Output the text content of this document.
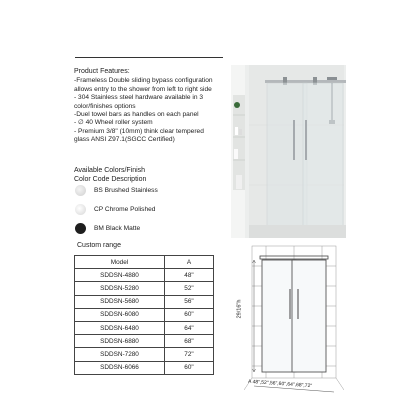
Product Features:
-Frameless Double sliding bypass configuration
allows entry to the shower from left to right side
- 304 Stainless steel hardware available in 3
color/finishes options
-Duel towel bars as handles on each panel
- ∅ 40 Wheel roller system
- Premium 3/8" (10mm) think clear tempered
glass ANSI Z97.1(SGCC Certified)
Available Colors/Finish
Color Code Description
BS Brushed Stainless
CP Chrome Polished
BM Black Matte
Custom range
Model	A
SDDSN-4880	48"
SDDSN-5280	52"
SDDSN-5680	56"
SDDSN-6080	60"
SDDSN-6480	64"
SDDSN-6880	68"
SDDSN-7280	72"
SDDSN-6066	60"
29/16"h
A 48",52",56",60",64",68",72"
